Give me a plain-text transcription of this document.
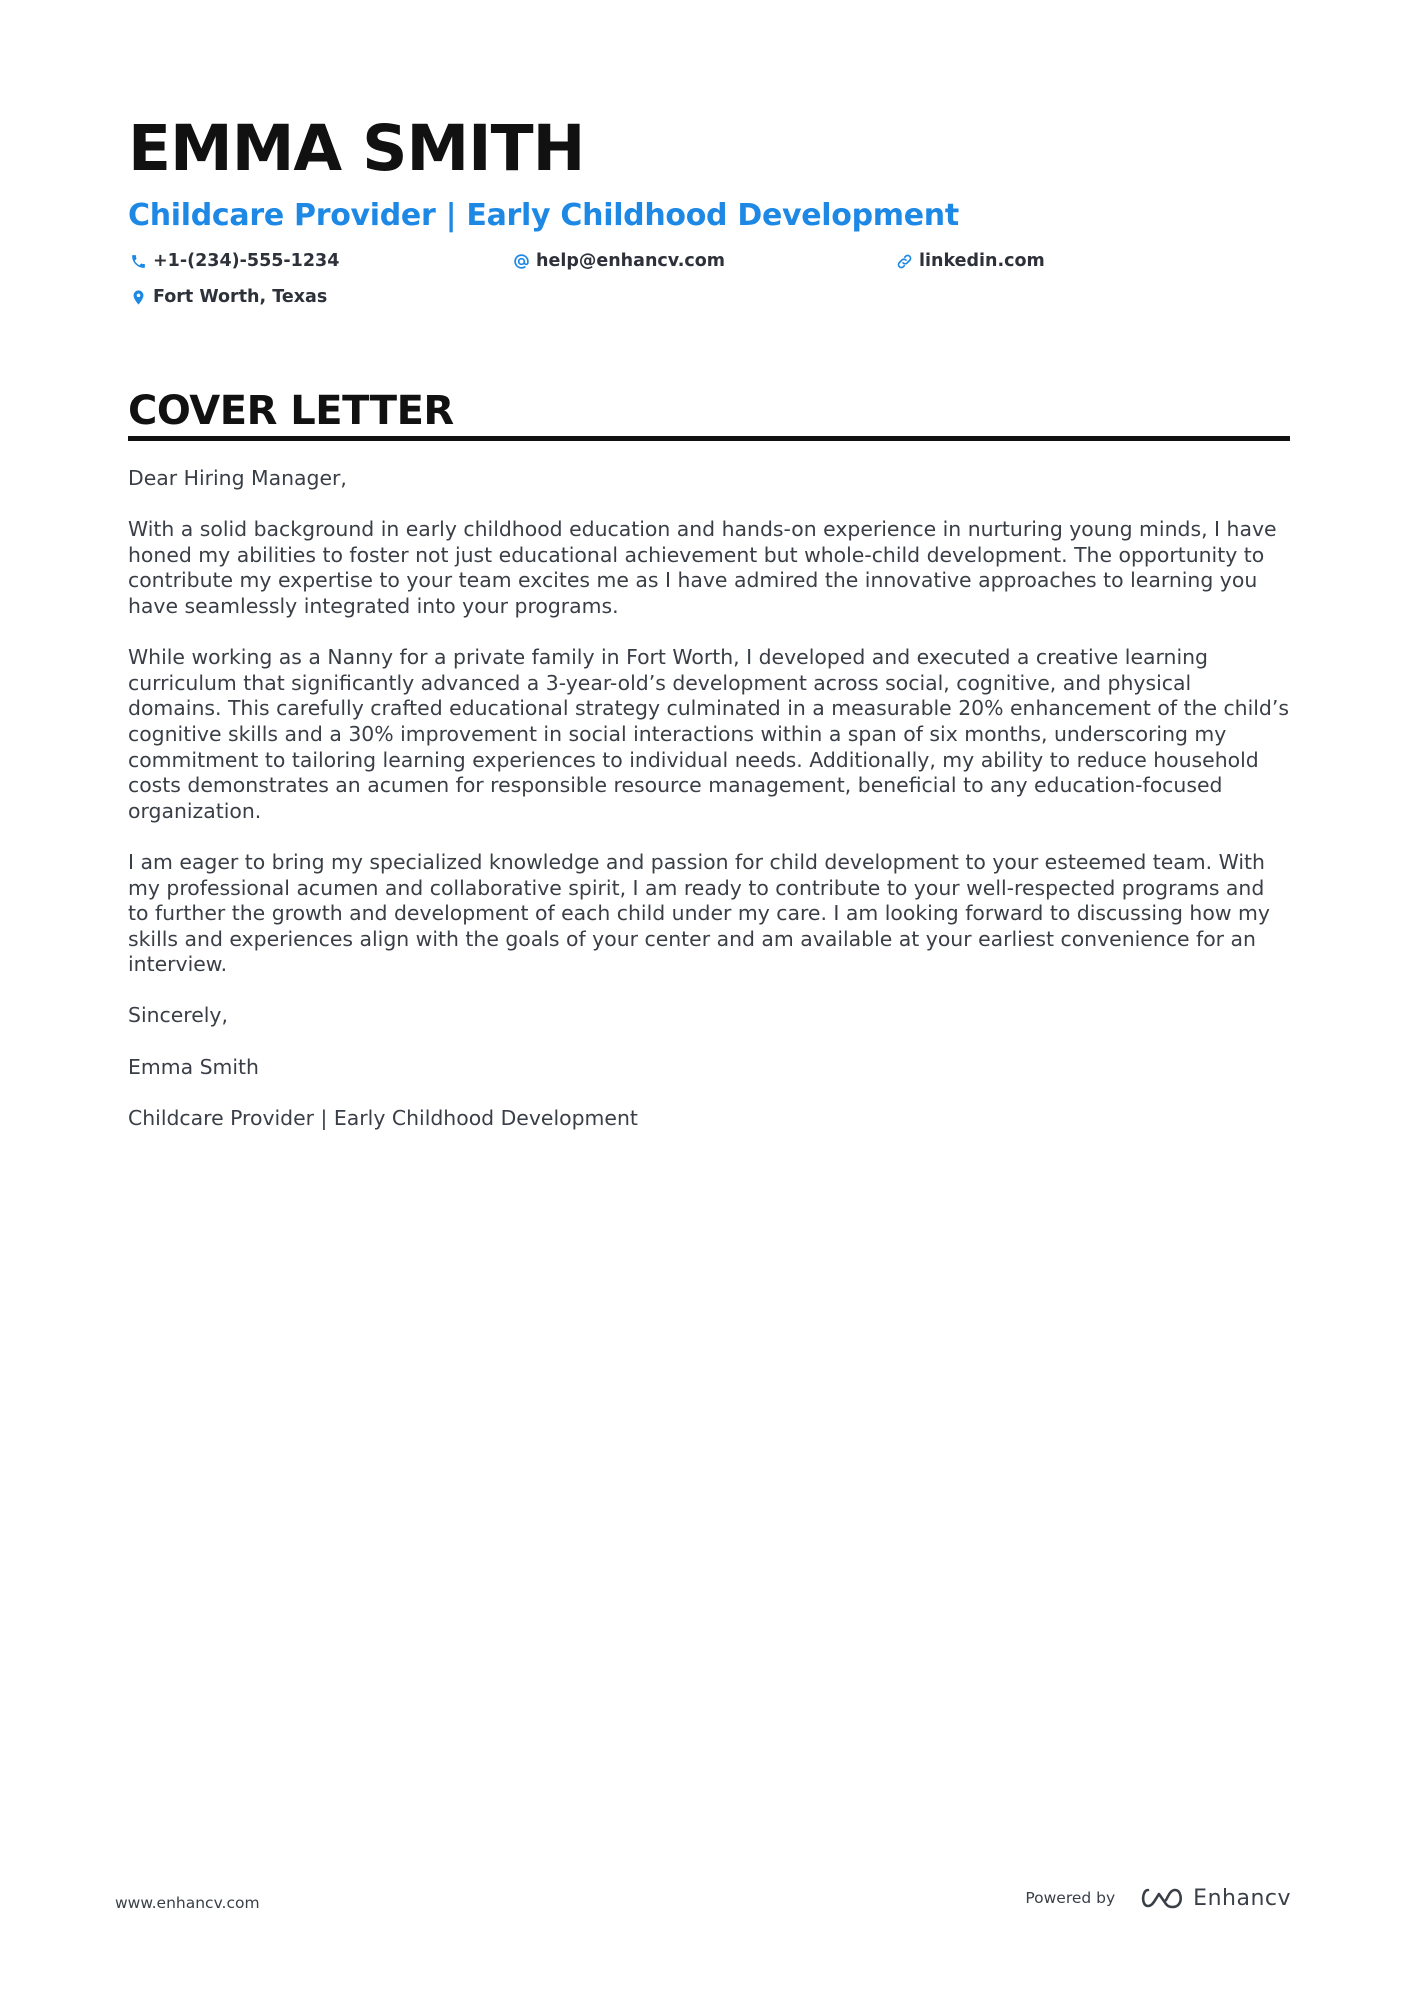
EMMA SMITH
Childcare Provider | Early Childhood Development
+1-(234)-555-1234	help@enhancv.com	linkedin.com
Fort Worth, Texas
COVER LETTER

Dear Hiring Manager,

With a solid background in early childhood education and hands-on experience in nurturing young minds, I have honed my abilities to foster not just educational achievement but whole-child development. The opportunity to contribute my expertise to your team excites me as I have admired the innovative approaches to learning you have seamlessly integrated into your programs.

While working as a Nanny for a private family in Fort Worth, I developed and executed a creative learning curriculum that significantly advanced a 3-year-old’s development across social, cognitive, and physical domains. This carefully crafted educational strategy culminated in a measurable 20% enhancement of the child’s cognitive skills and a 30% improvement in social interactions within a span of six months, underscoring my commitment to tailoring learning experiences to individual needs. Additionally, my ability to reduce household costs demonstrates an acumen for responsible resource management, beneficial to any education-focused organization.

I am eager to bring my specialized knowledge and passion for child development to your esteemed team. With my professional acumen and collaborative spirit, I am ready to contribute to your well-respected programs and to further the growth and development of each child under my care. I am looking forward to discussing how my skills and experiences align with the goals of your center and am available at your earliest convenience for an interview.

Sincerely,

Emma Smith

Childcare Provider | Early Childhood Development

www.enhancv.com	Powered by	Enhancv
